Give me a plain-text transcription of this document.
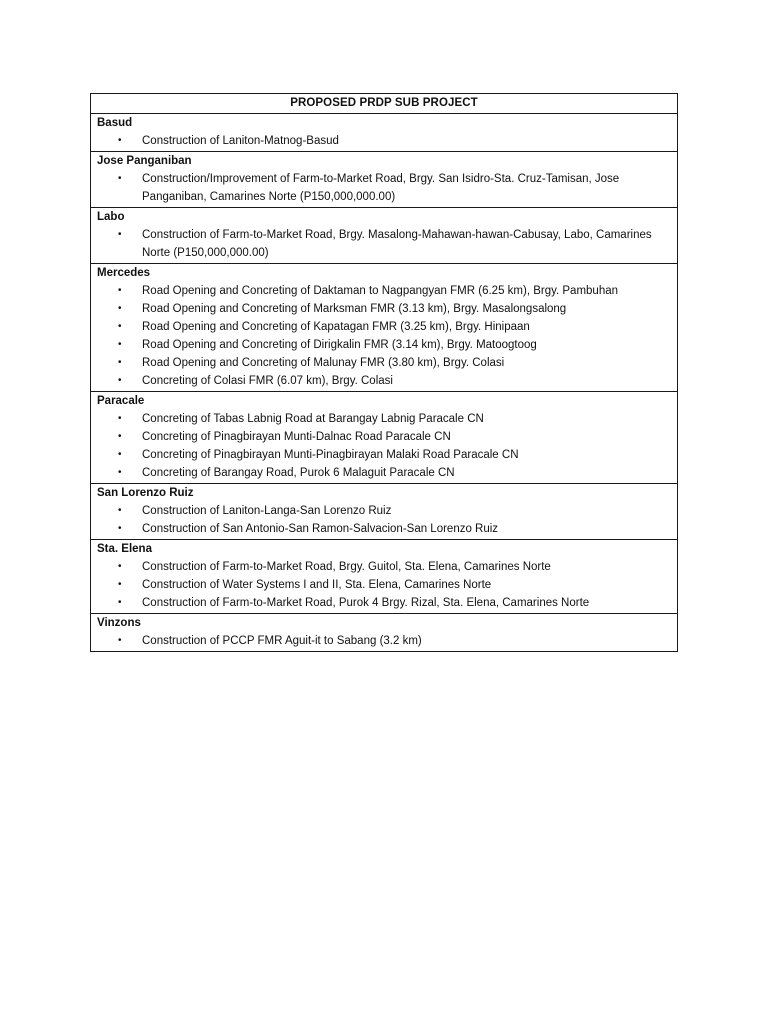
PROPOSED PRDP SUB PROJECT
Basud
• Construction of Laniton-Matnog-Basud
Jose Panganiban
• Construction/Improvement of Farm-to-Market Road, Brgy. San Isidro-Sta. Cruz-Tamisan, Jose Panganiban, Camarines Norte (P150,000,000.00)
Labo
• Construction of Farm-to-Market Road, Brgy. Masalong-Mahawan-hawan-Cabusay, Labo, Camarines Norte (P150,000,000.00)
Mercedes
• Road Opening and Concreting of Daktaman to Nagpangyan FMR (6.25 km), Brgy. Pambuhan
• Road Opening and Concreting of Marksman FMR (3.13 km), Brgy. Masalongsalong
• Road Opening and Concreting of Kapatagan FMR (3.25 km), Brgy. Hinipaan
• Road Opening and Concreting of Dirigkalin FMR (3.14 km), Brgy. Matoogtoog
• Road Opening and Concreting of Malunay FMR (3.80 km), Brgy. Colasi
• Concreting of Colasi FMR (6.07 km), Brgy. Colasi
Paracale
• Concreting of Tabas Labnig Road at Barangay Labnig Paracale CN
• Concreting of Pinagbirayan Munti-Dalnac Road Paracale CN
• Concreting of Pinagbirayan Munti-Pinagbirayan Malaki Road Paracale CN
• Concreting of Barangay Road, Purok 6 Malaguit Paracale CN
San Lorenzo Ruiz
• Construction of Laniton-Langa-San Lorenzo Ruiz
• Construction of San Antonio-San Ramon-Salvacion-San Lorenzo Ruiz
Sta. Elena
• Construction of Farm-to-Market Road, Brgy. Guitol, Sta. Elena, Camarines Norte
• Construction of Water Systems I and II, Sta. Elena, Camarines Norte
• Construction of Farm-to-Market Road, Purok 4 Brgy. Rizal, Sta. Elena, Camarines Norte
Vinzons
• Construction of PCCP FMR Aguit-it to Sabang (3.2 km)
